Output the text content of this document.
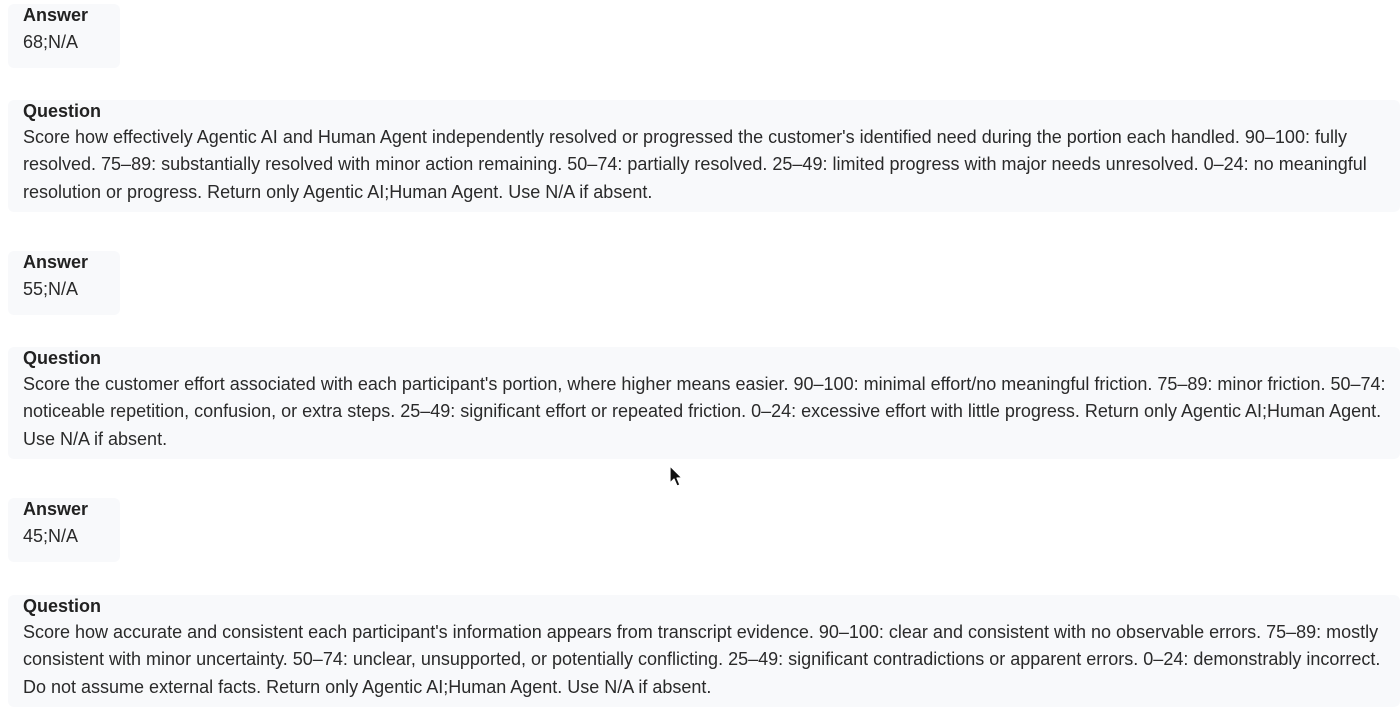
Answer
68;N/A
Question
Score how effectively Agentic AI and Human Agent independently resolved or progressed the customer's identified need during the portion each handled. 90–100: fully resolved. 75–89: substantially resolved with minor action remaining. 50–74: partially resolved. 25–49: limited progress with major needs unresolved. 0–24: no meaningful resolution or progress. Return only Agentic AI;Human Agent. Use N/A if absent.
Answer
55;N/A
Question
Score the customer effort associated with each participant's portion, where higher means easier. 90–100: minimal effort/no meaningful friction. 75–89: minor friction. 50–74: noticeable repetition, confusion, or extra steps. 25–49: significant effort or repeated friction. 0–24: excessive effort with little progress. Return only Agentic AI;Human Agent. Use N/A if absent.
Answer
45;N/A
Question
Score how accurate and consistent each participant's information appears from transcript evidence. 90–100: clear and consistent with no observable errors. 75–89: mostly consistent with minor uncertainty. 50–74: unclear, unsupported, or potentially conflicting. 25–49: significant contradictions or apparent errors. 0–24: demonstrably incorrect. Do not assume external facts. Return only Agentic AI;Human Agent. Use N/A if absent.
